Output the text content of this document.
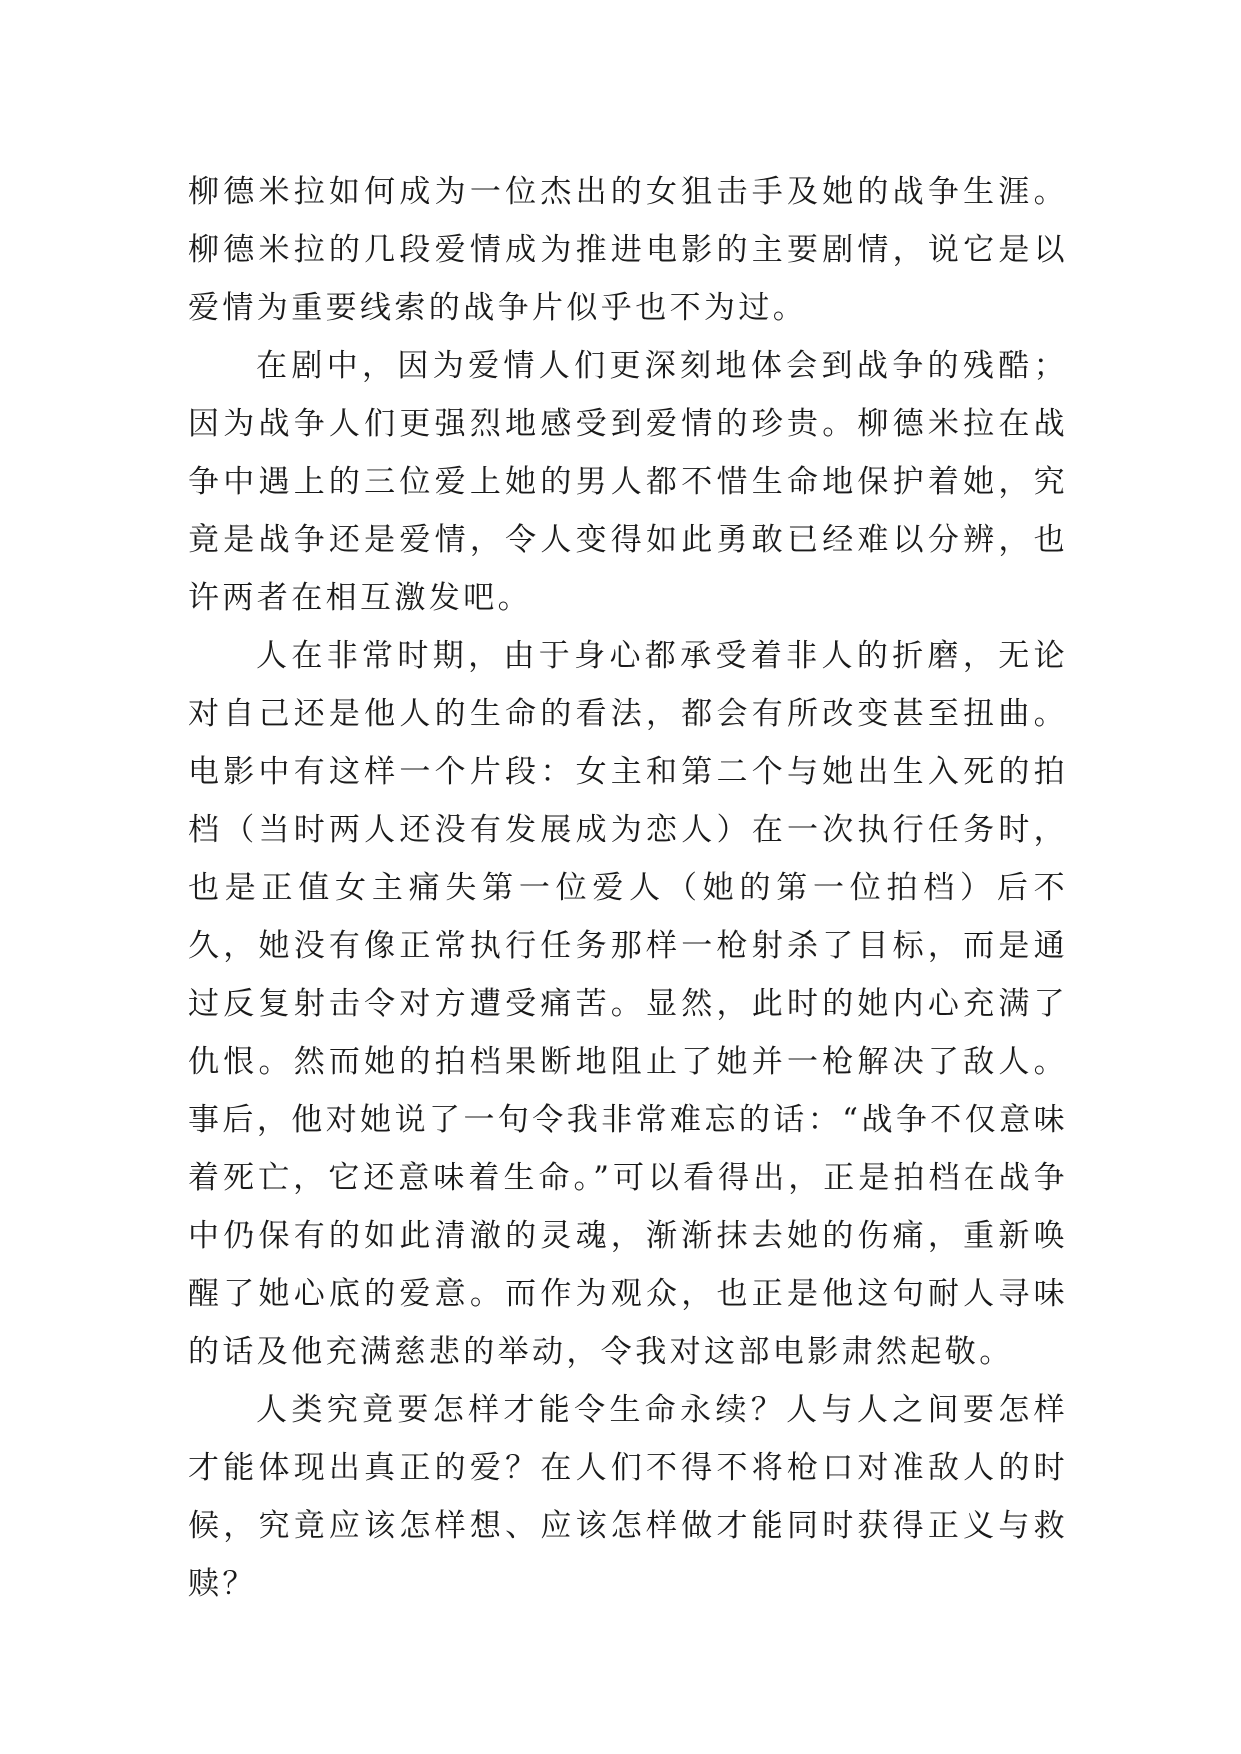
柳德米拉如何成为一位杰出的女狙击手及她的战争生涯。柳德米拉的几段爱情成为推进电影的主要剧情，说它是以爱情为重要线索的战争片似乎也不为过。

在剧中，因为爱情人们更深刻地体会到战争的残酷；因为战争人们更强烈地感受到爱情的珍贵。柳德米拉在战争中遇上的三位爱上她的男人都不惜生命地保护着她，究竟是战争还是爱情，令人变得如此勇敢已经难以分辨，也许两者在相互激发吧。

人在非常时期，由于身心都承受着非人的折磨，无论对自己还是他人的生命的看法，都会有所改变甚至扭曲。电影中有这样一个片段：女主和第二个与她出生入死的拍档（当时两人还没有发展成为恋人）在一次执行任务时，也是正值女主痛失第一位爱人（她的第一位拍档）后不久，她没有像正常执行任务那样一枪射杀了目标，而是通过反复射击令对方遭受痛苦。显然，此时的她内心充满了仇恨。然而她的拍档果断地阻止了她并一枪解决了敌人。事后，他对她说了一句令我非常难忘的话：“战争不仅意味着死亡，它还意味着生命。”可以看得出，正是拍档在战争中仍保有的如此清澈的灵魂，渐渐抹去她的伤痛，重新唤醒了她心底的爱意。而作为观众，也正是他这句耐人寻味的话及他充满慈悲的举动，令我对这部电影肃然起敬。

人类究竟要怎样才能令生命永续？人与人之间要怎样才能体现出真正的爱？在人们不得不将枪口对准敌人的时候，究竟应该怎样想、应该怎样做才能同时获得正义与救赎？
